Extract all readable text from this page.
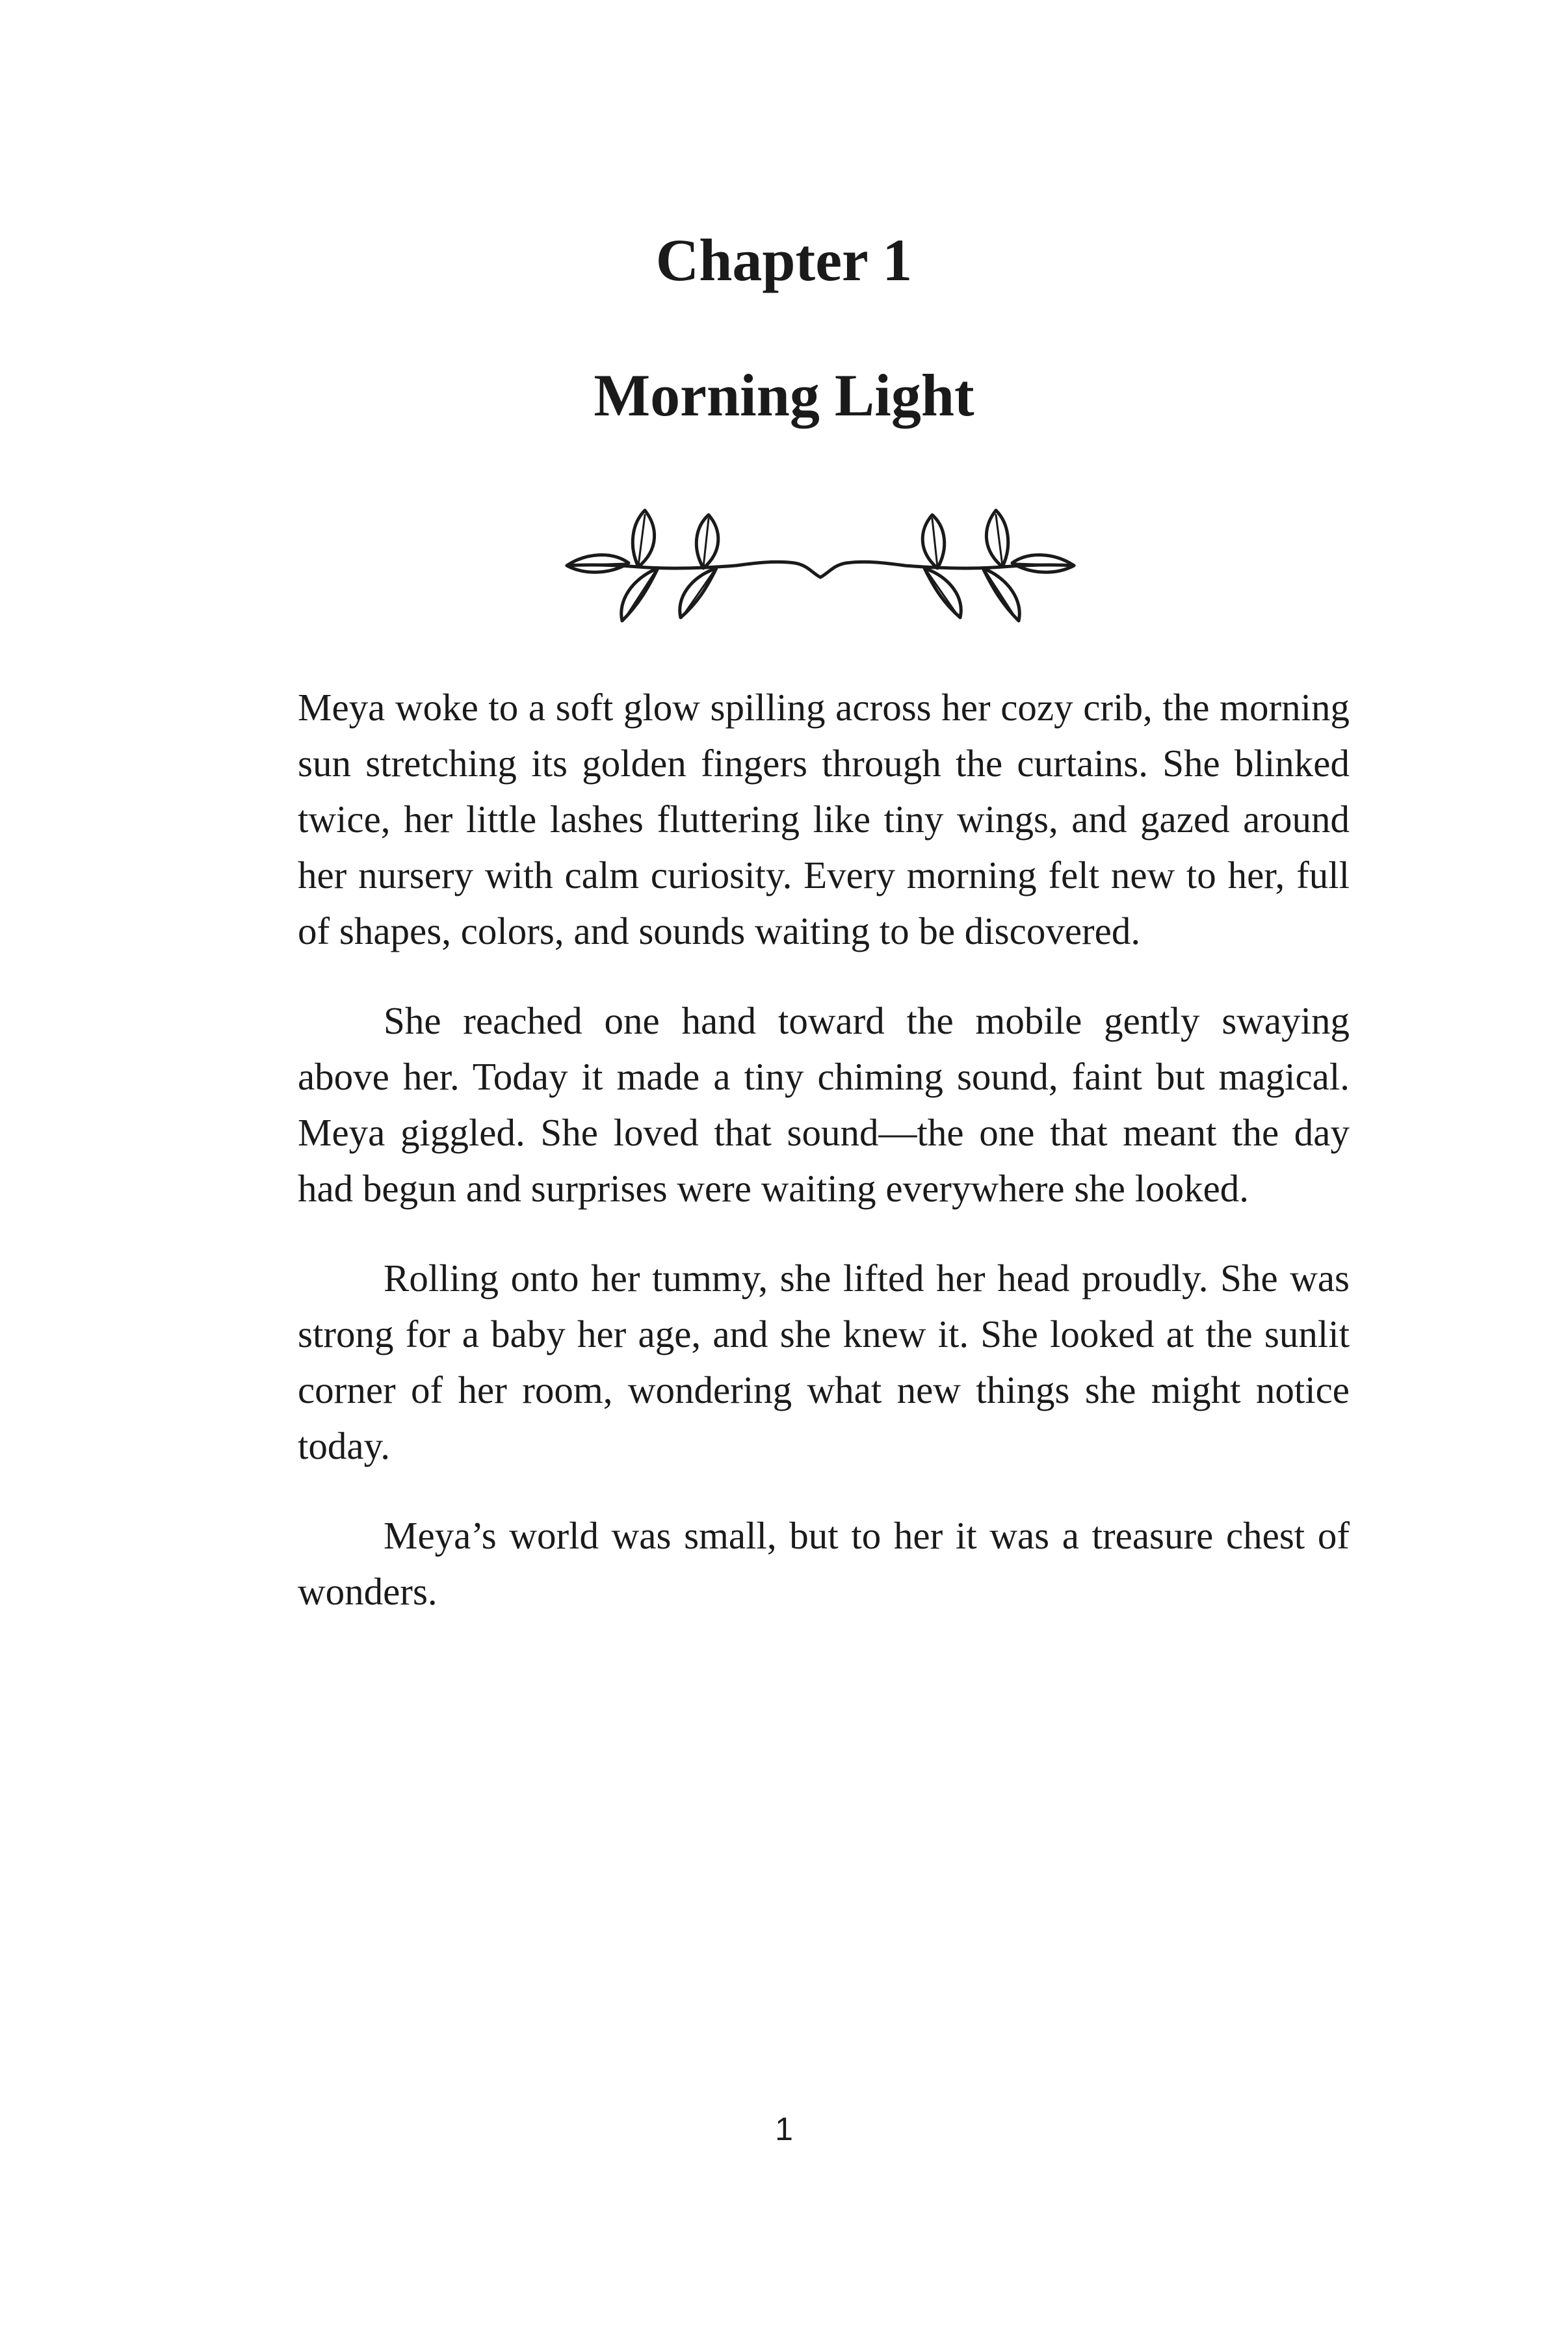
Chapter 1
Morning Light

Meya woke to a soft glow spilling across her cozy crib, the morning sun stretching its golden fingers through the curtains. She blinked twice, her little lashes fluttering like tiny wings, and gazed around her nursery with calm curiosity. Every morning felt new to her, full of shapes, colors, and sounds waiting to be discovered.

She reached one hand toward the mobile gently swaying above her. Today it made a tiny chiming sound, faint but magical. Meya giggled. She loved that sound—the one that meant the day had begun and surprises were waiting everywhere she looked.

Rolling onto her tummy, she lifted her head proudly. She was strong for a baby her age, and she knew it. She looked at the sunlit corner of her room, wondering what new things she might notice today.

Meya’s world was small, but to her it was a treasure chest of wonders.

1
